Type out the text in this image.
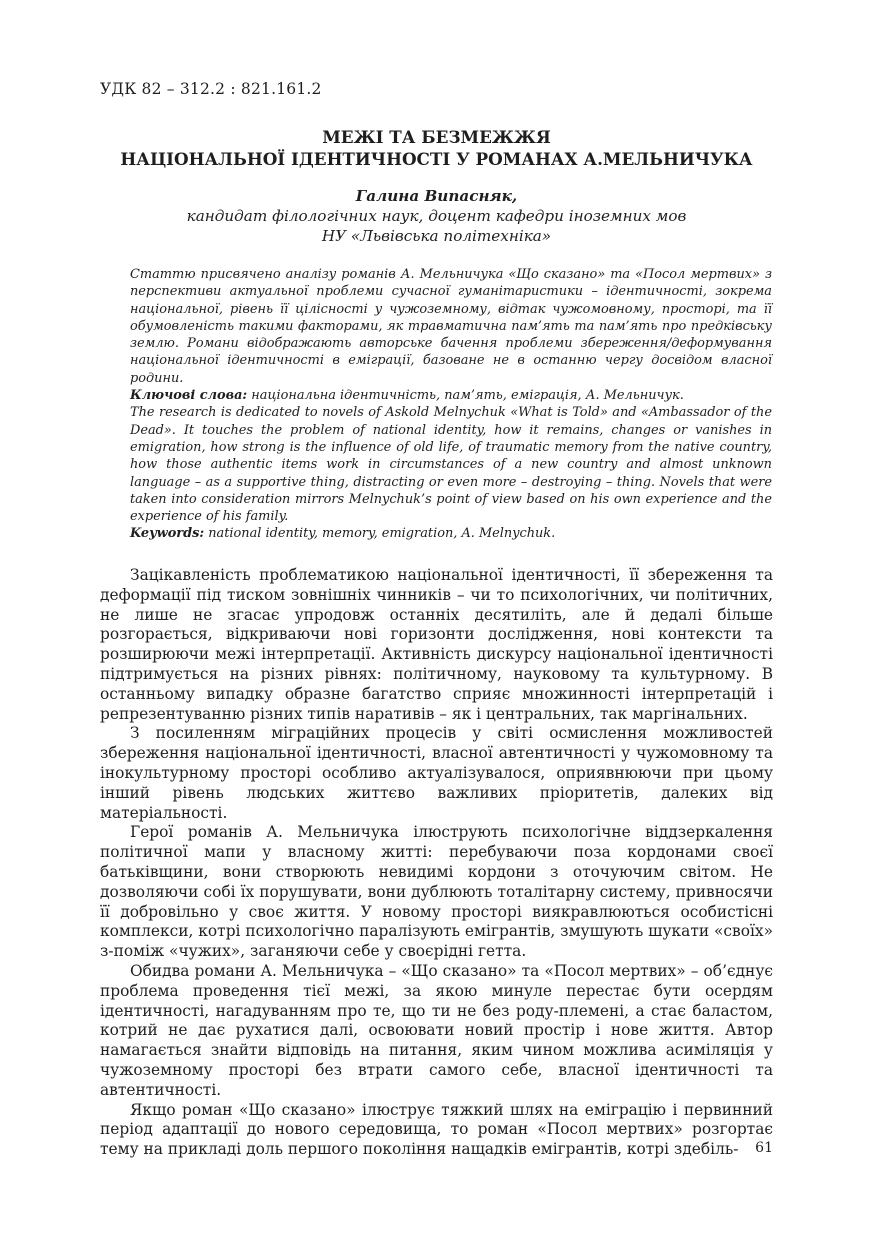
УДК 82 – 312.2 : 821.161.2
МЕЖІ ТА БЕЗМЕЖЖЯ
НАЦІОНАЛЬНОЇ ІДЕНТИЧНОСТІ У РОМАНАХ А.МЕЛЬНИЧУКА
Галина Випасняк,
кандидат філологічних наук, доцент кафедри іноземних мов
НУ «Львівська політехніка»

Статтю присвячено аналізу романів А. Мельничука «Що сказано» та «Посол мертвих» з перспективи актуальної проблеми сучасної гуманітаристики – ідентичності, зокрема національної, рівень її цілісності у чужоземному, відтак чужомовному, просторі, та її обумовленість такими факторами, як травматична пам’ять та пам’ять про предківську землю. Романи відображають авторське бачення проблеми збереження/деформування національної ідентичності в еміграції, базоване не в останню чергу досвідом власної родини.

Ключові слова: національна ідентичність, пам’ять, еміграція, А. Мельничук.

The research is dedicated to novels of Askold Melnychuk «What is Told» and «Ambassador of the Dead». It touches the problem of national identity, how it remains, changes or vanishes in emigration, how strong is the influence of old life, of traumatic memory from the native country, how those authentic items work in circumstances of a new country and almost unknown language – as a supportive thing, distracting or even more – destroying – thing. Novels that were taken into consideration mirrors Melnychuk’s point of view based on his own experience and the experience of his family.

Keywords: national identity, memory, emigration, A. Melnychuk.

Зацікавленість проблематикою національної ідентичності, її збереження та деформації під тиском зовнішніх чинників – чи то психологічних, чи політичних, не лише не згасає упродовж останніх десятиліть, але й дедалі більше розгорається, відкриваючи нові горизонти дослідження, нові контексти та розширюючи межі інтерпретації. Активність дискурсу національної ідентичності підтримується на різних рівнях: політичному, науковому та культурному. В останньому випадку образне багатство сприяє множинності інтерпретацій і репрезентуванню різних типів наративів – як і центральних, так маргінальних.

З посиленням міграційних процесів у світі осмислення можливостей збереження національної ідентичності, власної автентичності у чужомовному та інокультурному просторі особливо актуалізувалося, оприявнюючи при цьому інший рівень людських життєво важливих пріоритетів, далеких від матеріальності.

Герої романів А. Мельничука ілюструють психологічне віддзеркалення політичної мапи у власному житті: перебуваючи поза кордонами своєї батьківщини, вони створюють невидимі кордони з оточуючим світом. Не дозволяючи собі їх порушувати, вони дублюють тоталітарну систему, привносячи її добровільно у своє життя. У новому просторі виякравлюються особистісні комплекси, котрі психологічно паралізують емігрантів, змушують шукати «своїх» з-поміж «чужих», заганяючи себе у своєрідні гетта.

Обидва романи А. Мельничука – «Що сказано» та «Посол мертвих» – об’єднує проблема проведення тієї межі, за якою минуле перестає бути осердям ідентичності, нагадуванням про те, що ти не без роду-племені, а стає баластом, котрий не дає рухатися далі, освоювати новий простір і нове життя. Автор намагається знайти відповідь на питання, яким чином можлива асиміляція у чужоземному просторі без втрати самого себе, власної ідентичності та автентичності.

Якщо роман «Що сказано» ілюструє тяжкий шлях на еміграцію і первинний період адаптації до нового середовища, то роман «Посол мертвих» розгортає тему на прикладі доль першого покоління нащадків емігрантів, котрі здебіль-	61
